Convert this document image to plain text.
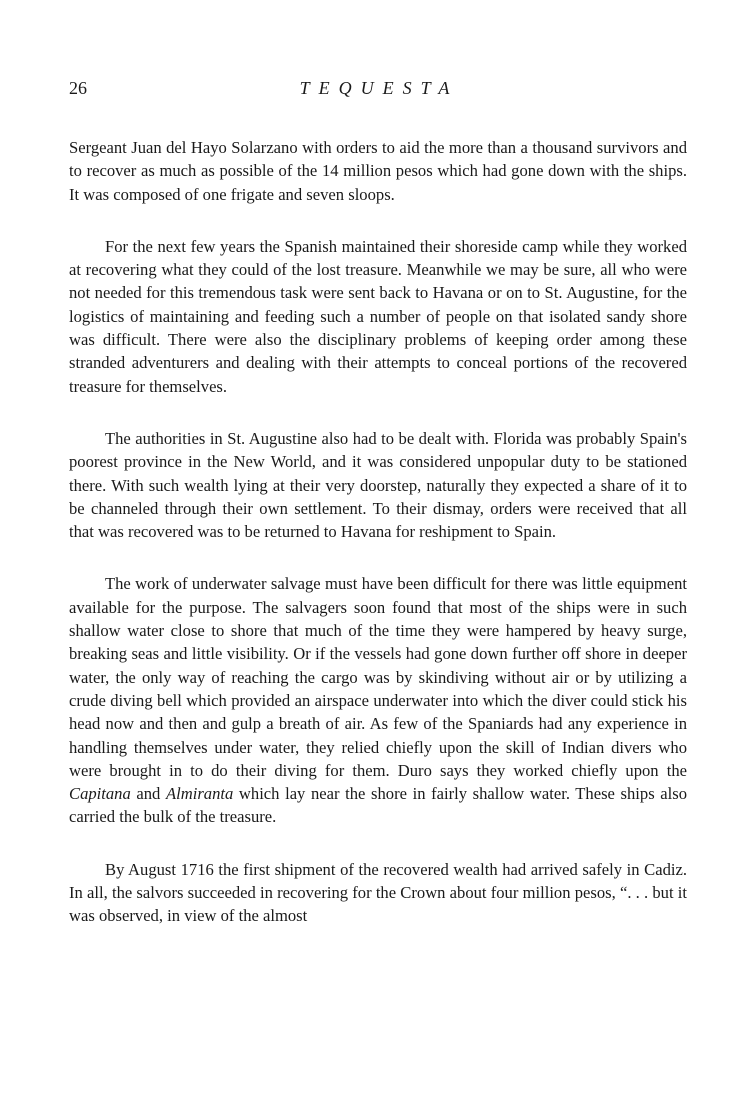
26	TEQUESTA

Sergeant Juan del Hayo Solarzano with orders to aid the more than a thousand survivors and to recover as much as possible of the 14 million pesos which had gone down with the ships. It was composed of one frigate and seven sloops.

For the next few years the Spanish maintained their shoreside camp while they worked at recovering what they could of the lost treasure. Meanwhile we may be sure, all who were not needed for this tremendous task were sent back to Havana or on to St. Augustine, for the logistics of maintaining and feeding such a number of people on that isolated sandy shore was difficult. There were also the disciplinary problems of keeping order among these stranded adventurers and dealing with their attempts to conceal portions of the recovered treasure for themselves.

The authorities in St. Augustine also had to be dealt with. Florida was probably Spain's poorest province in the New World, and it was considered unpopular duty to be stationed there. With such wealth lying at their very doorstep, naturally they expected a share of it to be channeled through their own settlement. To their dismay, orders were received that all that was recovered was to be returned to Havana for reshipment to Spain.

The work of underwater salvage must have been difficult for there was little equipment available for the purpose. The salvagers soon found that most of the ships were in such shallow water close to shore that much of the time they were hampered by heavy surge, breaking seas and little visibility. Or if the vessels had gone down further off shore in deeper water, the only way of reaching the cargo was by skindiving without air or by utilizing a crude diving bell which provided an airspace underwater into which the diver could stick his head now and then and gulp a breath of air. As few of the Spaniards had any experience in handling themselves under water, they relied chiefly upon the skill of Indian divers who were brought in to do their diving for them. Duro says they worked chiefly upon the Capitana and Almiranta which lay near the shore in fairly shallow water. These ships also carried the bulk of the treasure.

By August 1716 the first shipment of the recovered wealth had arrived safely in Cadiz. In all, the salvors succeeded in recovering for the Crown about four million pesos, “. . . but it was observed, in view of the almost
